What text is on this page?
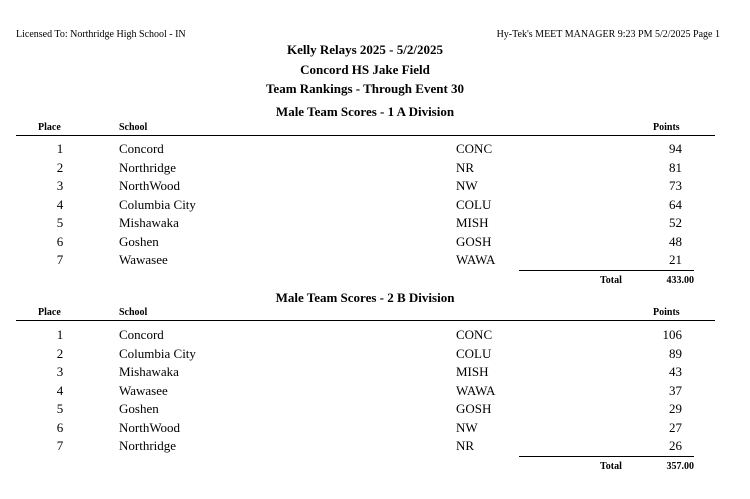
Licensed To: Northridge High School - IN	Hy-Tek's MEET MANAGER 9:23 PM 5/2/2025 Page 1
Kelly Relays 2025 - 5/2/2025
Concord HS Jake Field
Team Rankings - Through Event 30
Male Team Scores - 1 A Division
Place	School	Points
1	Concord	CONC	94
2	Northridge	NR	81
3	NorthWood	NW	73
4	Columbia City	COLU	64
5	Mishawaka	MISH	52
6	Goshen	GOSH	48
7	Wawasee	WAWA	21
Total	433.00
Male Team Scores - 2 B Division
Place	School	Points
1	Concord	CONC	106
2	Columbia City	COLU	89
3	Mishawaka	MISH	43
4	Wawasee	WAWA	37
5	Goshen	GOSH	29
6	NorthWood	NW	27
7	Northridge	NR	26
Total	357.00
